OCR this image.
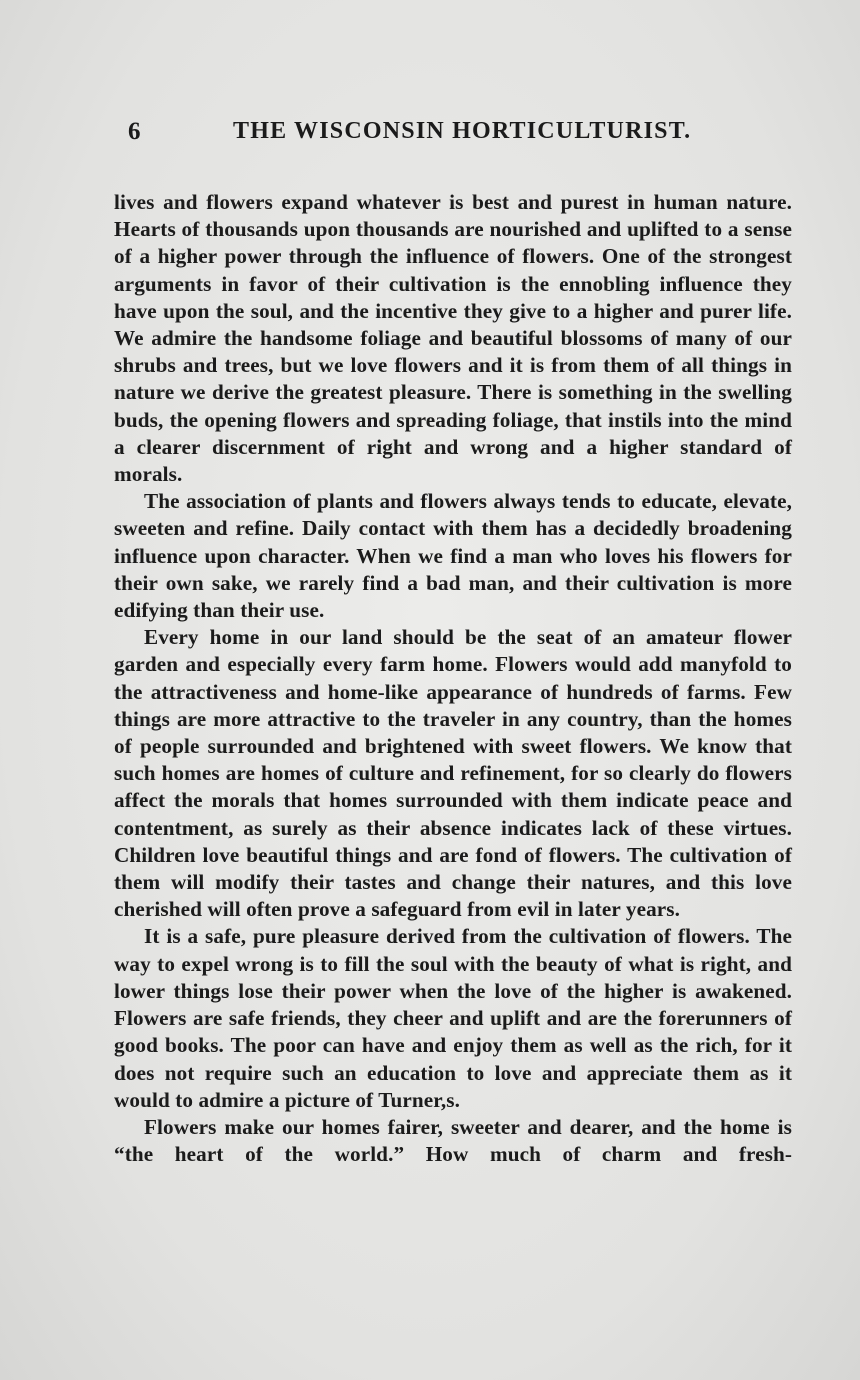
6	THE WISCONSIN HORTICULTURIST.

lives and flowers expand whatever is best and purest in human nature. Hearts of thousands upon thousands are nourished and uplifted to a sense of a higher power through the influence of flowers. One of the strongest arguments in favor of their cultivation is the ennobling influence they have upon the soul, and the incentive they give to a higher and purer life. We admire the handsome foliage and beautiful blossoms of many of our shrubs and trees, but we love flowers and it is from them of all things in nature we derive the greatest pleasure. There is something in the swelling buds, the opening flowers and spreading foliage, that instils into the mind a clearer discernment of right and wrong and a higher standard of morals.

The association of plants and flowers always tends to educate, elevate, sweeten and refine. Daily contact with them has a decidedly broadening influence upon character. When we find a man who loves his flowers for their own sake, we rarely find a bad man, and their cultivation is more edifying than their use.

Every home in our land should be the seat of an amateur flower garden and especially every farm home. Flowers would add manyfold to the attractiveness and home-like appearance of hundreds of farms. Few things are more attractive to the traveler in any country, than the homes of people surrounded and brightened with sweet flowers. We know that such homes are homes of culture and refinement, for so clearly do flowers affect the morals that homes surrounded with them indicate peace and contentment, as surely as their absence indicates lack of these virtues. Children love beautiful things and are fond of flowers. The cultivation of them will modify their tastes and change their natures, and this love cherished will often prove a safeguard from evil in later years.

It is a safe, pure pleasure derived from the cultivation of flowers. The way to expel wrong is to fill the soul with the beauty of what is right, and lower things lose their power when the love of the higher is awakened. Flowers are safe friends, they cheer and uplift and are the forerunners of good books. The poor can have and enjoy them as well as the rich, for it does not require such an education to love and appreciate them as it would to admire a picture of Turner,s.

Flowers make our homes fairer, sweeter and dearer, and the home is “the heart of the world.” How much of charm and fresh-
